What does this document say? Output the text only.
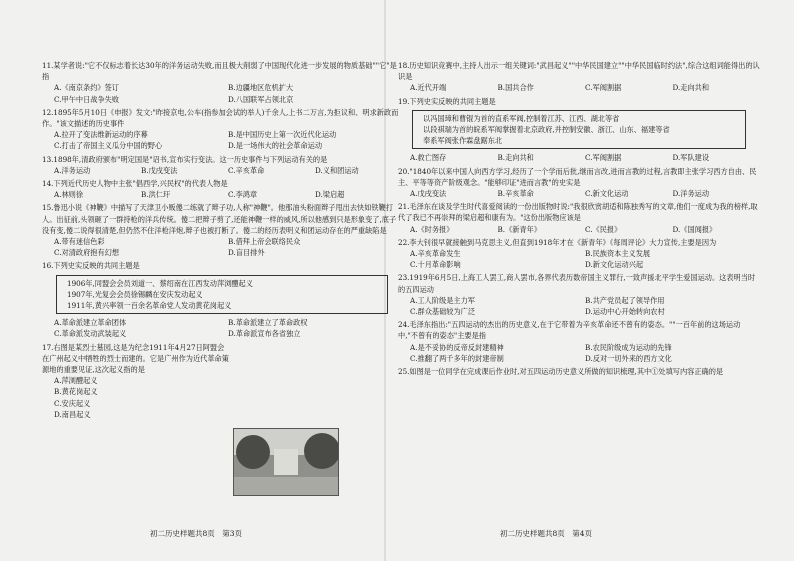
11.某学者说:"它不仅标志着长达30年的洋务运动失败,而且极大削弱了中国现代化进一步发展的物质基础""它"是指
A.《南京条约》签订	B.边疆地区危机扩大
C.甲午中日战争失败	D.八国联军占领北京
12.1895年5月10日《申报》发文:"昨接京电,公车(指参加会试的举人)千余人,上书二万言,为拒议和、明求新政而作。"该文描述的历史事件
A.拉开了变法维新运动的序幕	B.是中国历史上第一次近代化运动
C.打击了帝国主义瓜分中国的野心	D.是一场伟大的社会革命运动
13.1898年,清政府颁布"明定国是"诏书,宣布实行变法。这一历史事件与下列运动有关的是
A.洋务运动	B.戊戌变法	C.辛亥革命	D.义和团运动
14.下列近代历史人物中主张"倡西学,兴民权"的代表人物是
A.林则徐	B.洪仁玕	C.李鸿章	D.梁启超
15.鲁迅小说《神鞭》中描写了天津卫小贩傻二练就了辫子功,人称"神鞭"。他那油头粉面辫子甩出去快如铁鞭打人。出征前,头领砸了一群持枪的洋兵传统。傻二把辫子剪了,还能神鞭一样的威风,所以他感到只是形象变了,底子没有变,傻二说得很清楚,但仍然不住洋枪洋炮,辫子也被打断了。傻二的经历表明义和团运动存在的严重缺陷是
A.带有迷信色彩	B.借拜上帝会联络民众
C.对清政府抱有幻想	D.盲目排外
16.下列史实反映的共同主题是
1906年,同盟会会员刘道一、蔡绍南在江西发动萍浏醴起义
1907年,光复会会员徐锡麟在安庆发动起义
1911年,黄兴率领一百余名革命党人发动黄花岗起义
A.革命派建立革命团体	B.革命派建立了革命政权
C.革命派发动武装起义	D.革命派宣布各省独立
17.右图是某烈士墓园,这是为纪念1911年4月27日阿盟会在广州起义中牺牲的烈士而建的。它是广州作为近代革命策源地的重要见证,这次起义指的是
A.萍浏醴起义
B.黄花岗起义
C.安庆起义
D.南昌起义
初二历史样题共8页　第3页
18.历史知识竞赛中,主持人出示一组关键词:"武昌起义""中华民国建立""中华民国临时约法",综合这组词能得出的认识是
A.近代开端	B.国共合作	C.军阀割据	D.走向共和
19.下列史实反映的共同主题是
以冯国璋和曹锟为首的直系军阀,控制着江苏、江西、湖北等省
以段祺瑞为首的皖系军阀掌握着北京政府,并控制安徽、浙江、山东、福建等省
奉系军阀张作霖盘踞东北
A.救亡图存	B.走向共和	C.军阀割据	D.军队建设
20."1840年以来中国人向西方学习,经历了一个学而后批,继而言改,进而言教的过程,言教即主张学习西方自由、民主、平等等资产阶级观念。"能够印证"进而言教"的史实是
A.戊戌变法	B.辛亥革命	C.新文化运动	D.洋务运动
21.毛泽东在谈及学生时代喜爱阅读的一份出版物时说:"我很欣赏胡适和陈独秀写的文章,他们一度成为我的榜样,取代了我已不再崇拜的梁启超和康有为。"这份出版物应该是
A.《时务报》	B.《新青年》	C.《民报》	D.《国闻报》
22.李大钊很早就接触到马克思主义,但直到1918年才在《新青年》《每周评论》大力宣传,主要是因为
A.辛亥革命发生	B.民族资本主义发展
C.十月革命影响	D.新文化运动兴起
23.1919年6月5日,上海工人罢工,商人罢市,各界代表历数帝国主义罪行,一致声援北平学生爱国运动。这表明当时的五四运动
A.工人阶级是主力军	B.共产党员起了领导作用
C.群众基础较为广泛	D.运动中心开始转向农村
24.毛泽东指出:"五四运动的杰出的历史意义,在于它带着为辛亥革命还不曾有的姿态。""一百年前的这场运动中,"不曾有的姿态"主要是指
A.是不妥协的反帝反封建精神	B.农民阶级成为运动的先锋
C.推翻了两千多年的封建帝制	D.反对一切外来的西方文化
25.如图是一位同学在完成课后作业时,对五四运动历史意义所做的知识梳理,其中①处填写内容正确的是
初二历史样题共8页　第4页
